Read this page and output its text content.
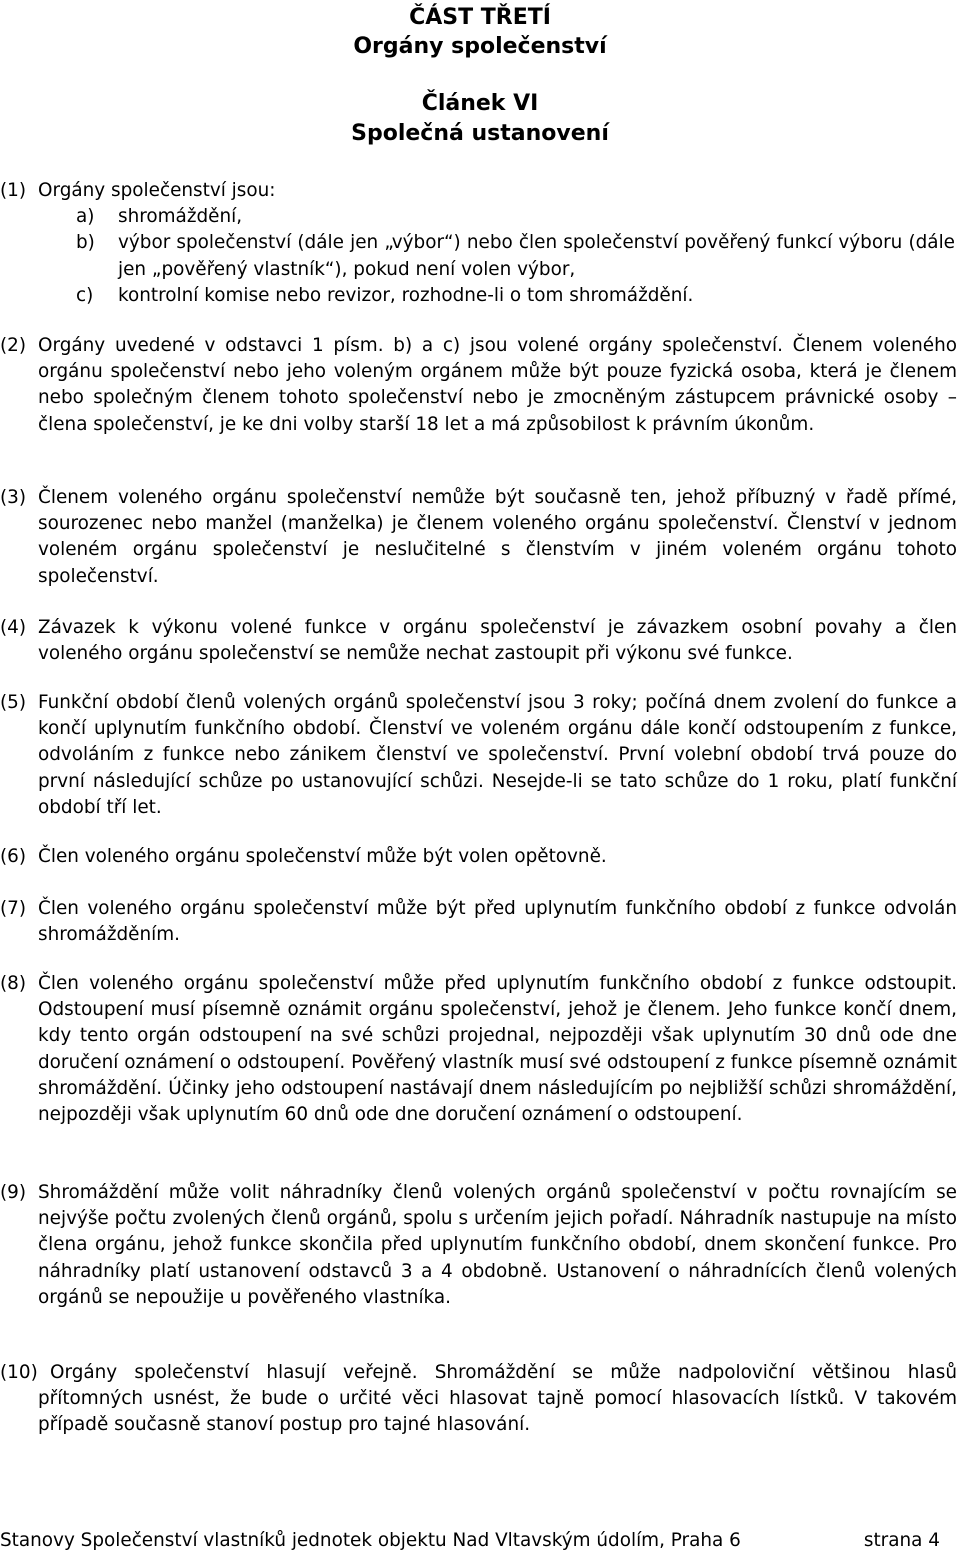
ČÁST TŘETÍ
Orgány společenství
Článek VI
Společná ustanovení
(1) Orgány společenství jsou:
a) shromáždění,
b)	výbor společenství (dále jen „výbor“) nebo člen společenství pověřený funkcí výboru (dále jen „pověřený vlastník“), pokud není volen výbor,
c) kontrolní komise nebo revizor, rozhodne-li o tom shromáždění.
(2) Orgány uvedené v odstavci 1 písm. b) a c) jsou volené orgány společenství. Členem voleného orgánu společenství nebo jeho voleným orgánem může být pouze fyzická osoba, která je členem nebo společným členem tohoto společenství nebo je zmocněným zástupcem právnické osoby – člena společenství, je ke dni volby starší 18 let a má způsobilost k právním úkonům.
(3) Členem voleného orgánu společenství nemůže být současně ten, jehož příbuzný v řadě přímé, sourozenec nebo manžel (manželka) je členem voleného orgánu společenství. Členství v jednom voleném orgánu společenství je neslučitelné s členstvím v jiném voleném orgánu tohoto společenství.
(4) Závazek k výkonu volené funkce v orgánu společenství je závazkem osobní povahy a člen voleného orgánu společenství se nemůže nechat zastoupit při výkonu své funkce.
(5) Funkční období členů volených orgánů společenství jsou 3 roky; počíná dnem zvolení do funkce a končí uplynutím funkčního období. Členství ve voleném orgánu dále končí odstoupením z funkce, odvoláním z funkce nebo zánikem členství ve společenství. První volební období trvá pouze do první následující schůze po ustanovující schůzi. Nesejde-li se tato schůze do 1 roku, platí funkční období tří let.
(6) Člen voleného orgánu společenství může být volen opětovně.
(7) Člen voleného orgánu společenství může být před uplynutím funkčního období z funkce odvolán shromážděním.
(8) Člen voleného orgánu společenství může před uplynutím funkčního období z funkce odstoupit. Odstoupení musí písemně oznámit orgánu společenství, jehož je členem. Jeho funkce končí dnem, kdy tento orgán odstoupení na své schůzi projednal, nejpozději však uplynutím 30 dnů ode dne doručení oznámení o odstoupení. Pověřený vlastník musí své odstoupení z funkce písemně oznámit shromáždění. Účinky jeho odstoupení nastávají dnem následujícím po nejbližší schůzi shromáždění, nejpozději však uplynutím 60 dnů ode dne doručení oznámení o odstoupení.
(9) Shromáždění může volit náhradníky členů volených orgánů společenství v počtu rovnajícím se nejvýše počtu zvolených členů orgánů, spolu s určením jejich pořadí. Náhradník nastupuje na místo člena orgánu, jehož funkce skončila před uplynutím funkčního období, dnem skončení funkce. Pro náhradníky platí ustanovení odstavců 3 a 4 obdobně. Ustanovení o náhradnících členů volených orgánů se nepoužije u pověřeného vlastníka.
(10) Orgány společenství hlasují veřejně. Shromáždění se může nadpoloviční většinou hlasů přítomných usnést, že bude o určité věci hlasovat tajně pomocí hlasovacích lístků. V takovém případě současně stanoví postup pro tajné hlasování.
Stanovy Společenství vlastníků jednotek objektu Nad Vltavským údolím, Praha 6	strana 4
